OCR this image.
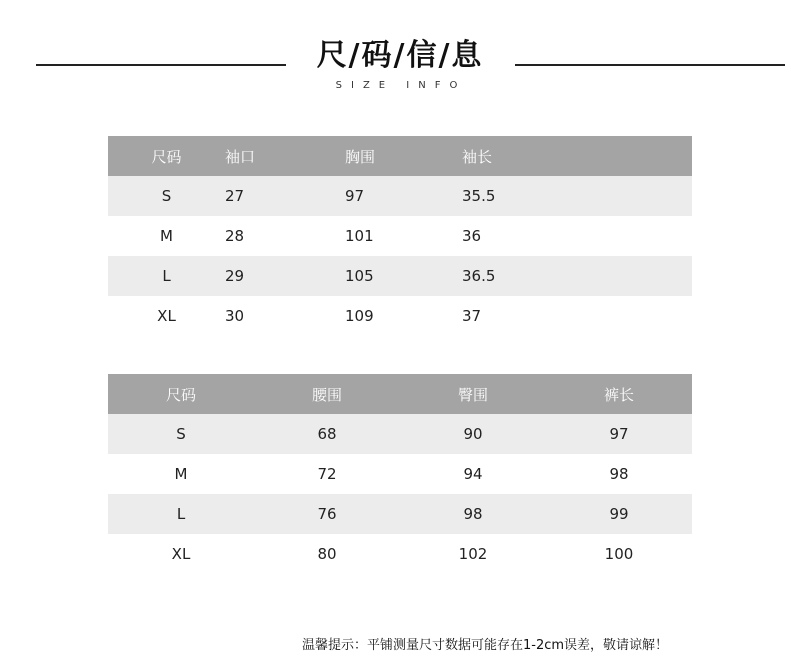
尺/码/信/息
SIZE INFO
尺码	袖口	胸围	袖长
S	27	97	35.5
M	28	101	36
L	29	105	36.5
XL	30	109	37
尺码	腰围	臀围	裤长
S	68	90	97
M	72	94	98
L	76	98	99
XL	80	102	100
温馨提示：平铺测量尺寸数据可能存在1-2cm误差，敬请谅解！
